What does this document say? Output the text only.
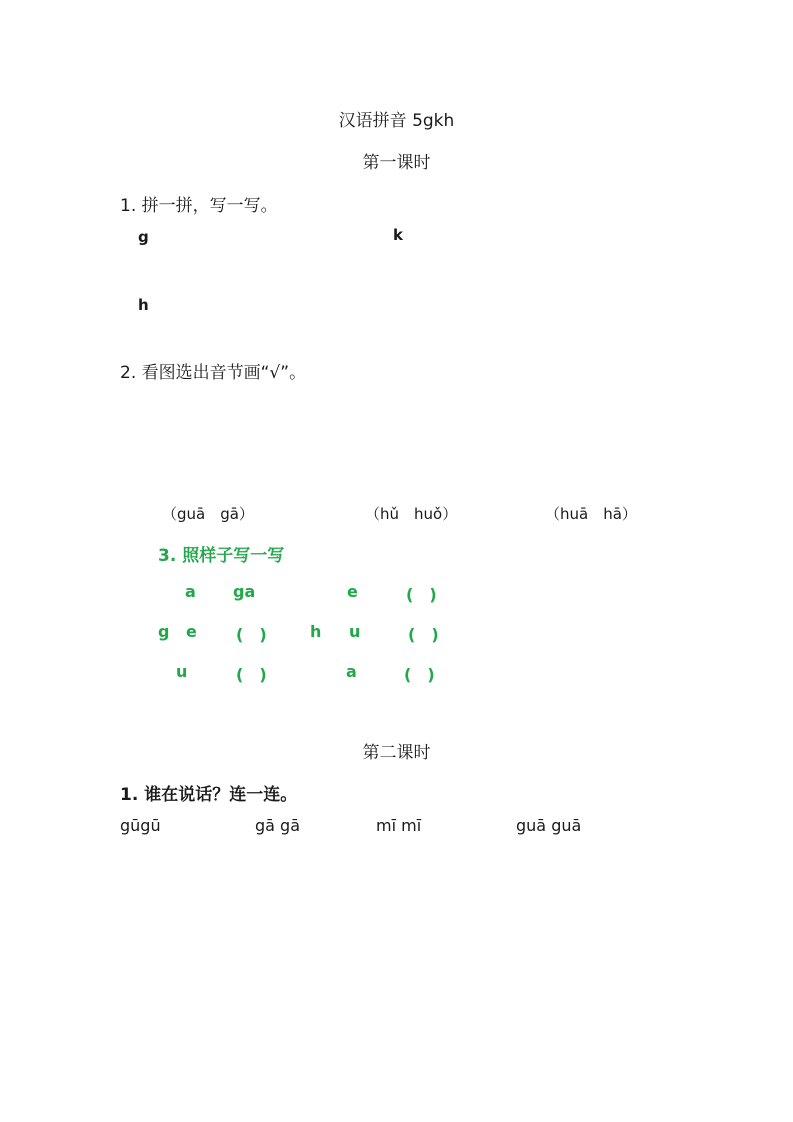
汉语拼音 5gkh
第一课时
1. 拼一拼，写一写。
g	k
h
2. 看图选出音节画“√”。
（guā　gā）	（hǔ　huǒ）	（huā　hā）
3. 照样子写一写
a ga	e	(　)
g e (　)	h u	(　)
u	(　)	a	(　)
第二课时
1. 谁在说话？连一连。
gūgū	gā gā	mī mī	guā guā
